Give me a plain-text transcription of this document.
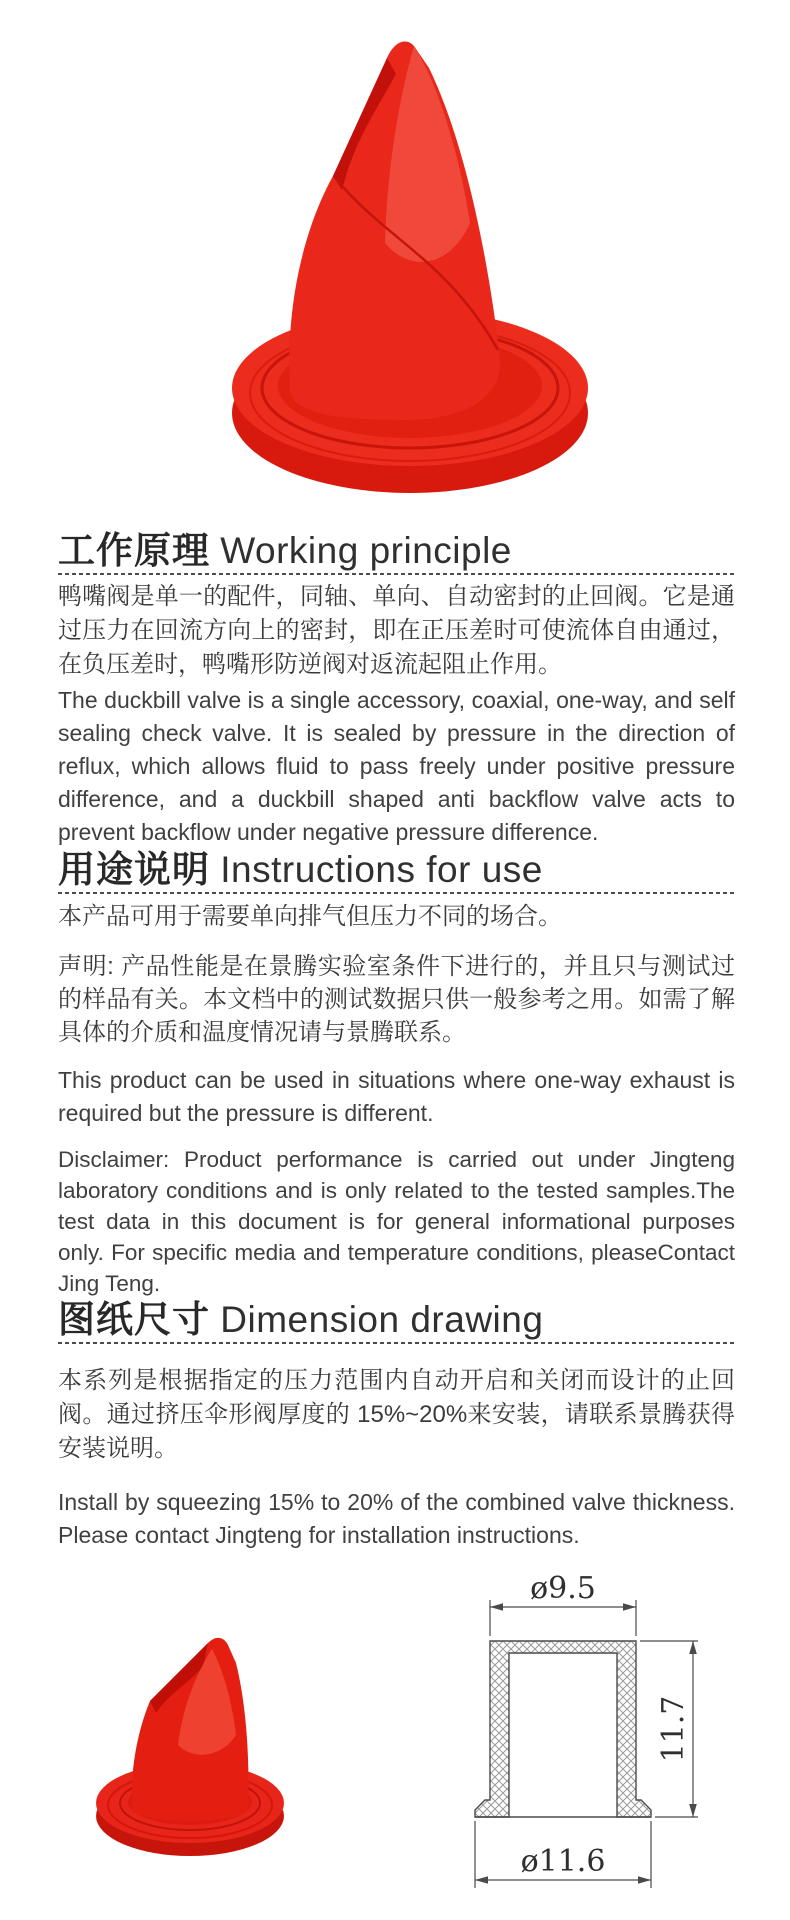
工作原理 Working principle

鸭嘴阀是单一的配件，同轴、单向、自动密封的止回阀。它是通过压力在回流方向上的密封，即在正压差时可使流体自由通过，在负压差时，鸭嘴形防逆阀对返流起阻止作用。

The duckbill valve is a single accessory, coaxial, one-way, and self sealing check valve. It is sealed by pressure in the direction of reflux, which allows fluid to pass freely under positive pressure difference, and a duckbill shaped anti backflow valve acts to prevent backflow under negative pressure difference.

用途说明 Instructions for use

本产品可用于需要单向排气但压力不同的场合。

声明: 产品性能是在景腾实验室条件下进行的，并且只与测试过的样品有关。本文档中的测试数据只供一般参考之用。如需了解具体的介质和温度情况请与景腾联系。

This product can be used in situations where one-way exhaust is required but the pressure is different.

Disclaimer: Product performance is carried out under Jingteng laboratory conditions and is only related to the tested samples.The test data in this document is for general informational purposes only. For specific media and temperature conditions, pleaseContact Jing Teng.

图纸尺寸 Dimension drawing

本系列是根据指定的压力范围内自动开启和关闭而设计的止回阀。通过挤压伞形阀厚度的 15%~20%来安装，请联系景腾获得安装说明。

Install by squeezing 15% to 20% of the combined valve thickness. Please contact Jingteng for installation instructions.

ø9.5
11.7
ø11.6
